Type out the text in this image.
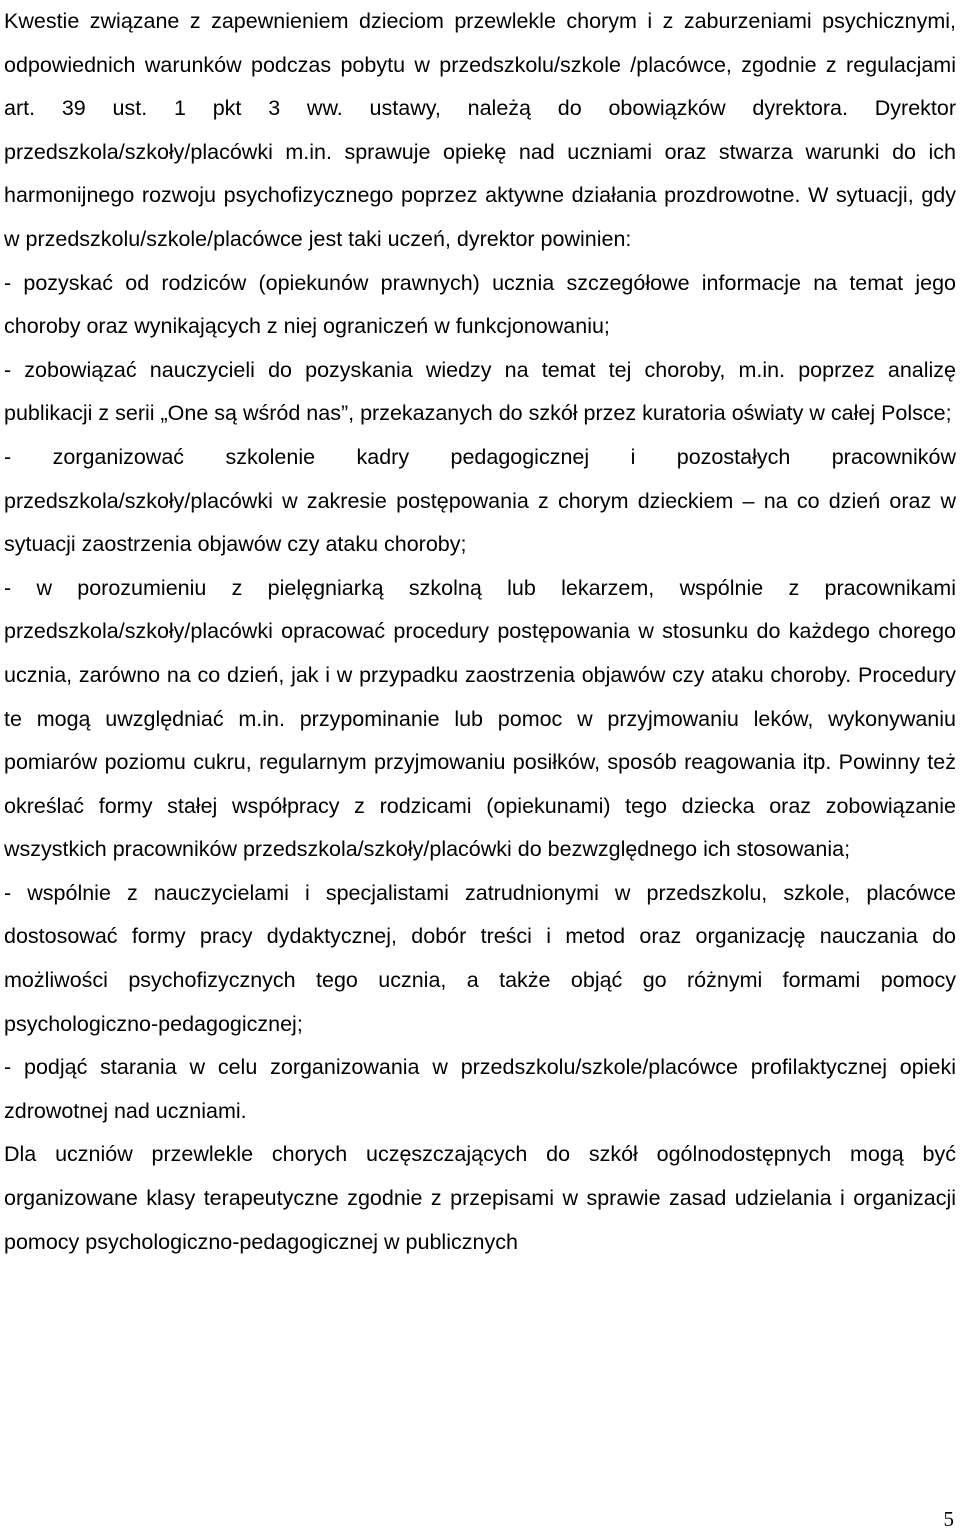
Kwestie związane z zapewnieniem dzieciom przewlekle chorym i z zaburzeniami psychicznymi, odpowiednich warunków podczas pobytu w przedszkolu/szkole /placówce, zgodnie z regulacjami art. 39 ust. 1 pkt 3 ww. ustawy, należą do obowiązków dyrektora. Dyrektor przedszkola/szkoły/placówki m.in. sprawuje opiekę nad uczniami oraz stwarza warunki do ich harmonijnego rozwoju psychofizycznego poprzez aktywne działania prozdrowotne. W sytuacji, gdy w przedszkolu/szkole/placówce jest taki uczeń, dyrektor powinien:

- pozyskać od rodziców (opiekunów prawnych) ucznia szczegółowe informacje na temat jego choroby oraz wynikających z niej ograniczeń w funkcjonowaniu;

- zobowiązać nauczycieli do pozyskania wiedzy na temat tej choroby, m.in. poprzez analizę publikacji z serii „One są wśród nas”, przekazanych do szkół przez kuratoria oświaty w całej Polsce;

- zorganizować szkolenie kadry pedagogicznej i pozostałych pracowników przedszkola/szkoły/placówki w zakresie postępowania z chorym dzieckiem – na co dzień oraz w sytuacji zaostrzenia objawów czy ataku choroby;

- w porozumieniu z pielęgniarką szkolną lub lekarzem, wspólnie z pracownikami przedszkola/szkoły/placówki opracować procedury postępowania w stosunku do każdego chorego ucznia, zarówno na co dzień, jak i w przypadku zaostrzenia objawów czy ataku choroby. Procedury te mogą uwzględniać m.in. przypominanie lub pomoc w przyjmowaniu leków, wykonywaniu pomiarów poziomu cukru, regularnym przyjmowaniu posiłków, sposób reagowania itp. Powinny też określać formy stałej współpracy z rodzicami (opiekunami) tego dziecka oraz zobowiązanie wszystkich pracowników przedszkola/szkoły/placówki do bezwzględnego ich stosowania;

- wspólnie z nauczycielami i specjalistami zatrudnionymi w przedszkolu, szkole, placówce dostosować formy pracy dydaktycznej, dobór treści i metod oraz organizację nauczania do możliwości psychofizycznych tego ucznia, a także objąć go różnymi formami pomocy psychologiczno-pedagogicznej;

- podjąć starania w celu zorganizowania w przedszkolu/szkole/placówce profilaktycznej opieki zdrowotnej nad uczniami.

Dla uczniów przewlekle chorych uczęszczających do szkół ogólnodostępnych mogą być organizowane klasy terapeutyczne zgodnie z przepisami w sprawie zasad udzielania i organizacji pomocy psychologiczno-pedagogicznej w publicznych

5
